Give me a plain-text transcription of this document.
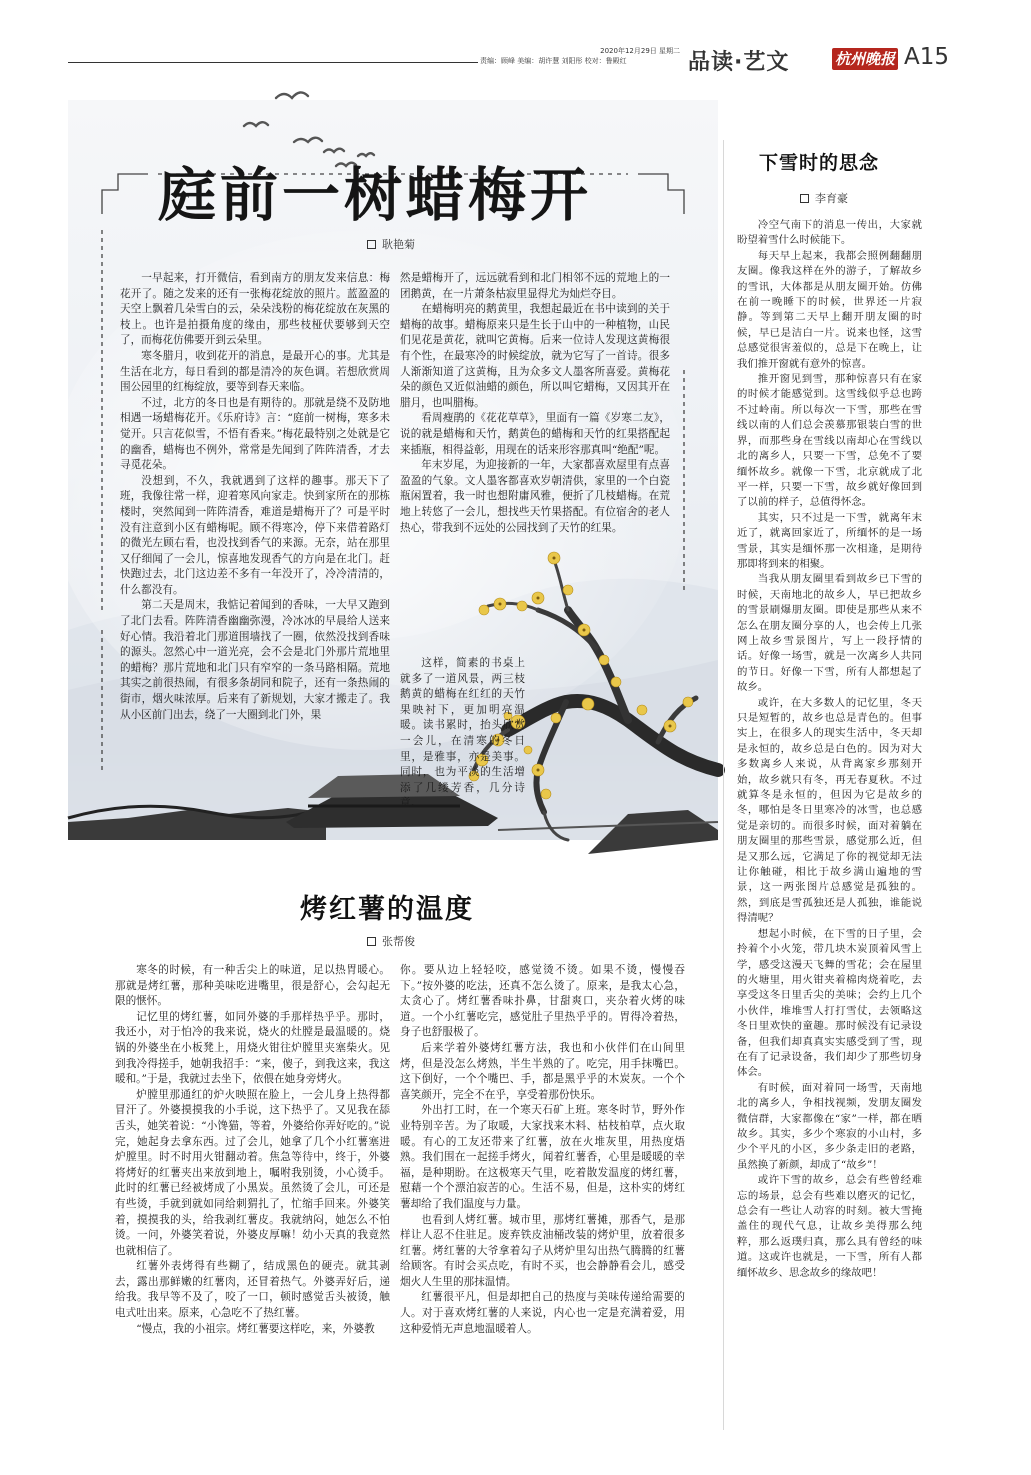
2020年12月29日 星期二
责编：顾峰 美编：胡许慧 刘阳彤 校对：鲁殿红	品读·艺文	杭州晚报 A15
庭前一树蜡梅开
耿艳菊

一早起来，打开微信，看到南方的朋友发来信息：梅花开了。随之发来的还有一张梅花绽放的照片。蓝盈盈的天空上飘着几朵雪白的云，朵朵浅粉的梅花绽放在灰黑的枝上。也许是拍摄角度的缘由，那些枝桠伏要够到天空了，而梅花仿佛要开到云朵里。

寒冬腊月，收到花开的消息，是最开心的事。尤其是生活在北方，每日看到的都是清冷的灰色调。若想欣赏周围公园里的红梅绽放，要等到春天来临。

不过，北方的冬日也是有期待的。那就是绕不及防地相遇一场蜡梅花开。《乐府诗》言：“庭前一树梅，寒多未觉开。只言花似雪，不悟有香来。”梅花最特别之处就是它的幽香，蜡梅也不例外，常常是先闻到了阵阵清香，才去寻觅花朵。

没想到，不久，我就遇到了这样的趣事。那天下了班，我像往常一样，迎着寒风向家走。快到家所在的那栋楼时，突然闻到一阵阵清香，难道是蜡梅开了？可是平时没有注意到小区有蜡梅呢。顾不得寒冷，停下来借着路灯的微光左顾右看，也没找到香气的来源。无奈，站在那里又仔细闻了一会儿，惊喜地发现香气的方向是在北门。赶快跑过去，北门这边差不多有一年没开了，冷冷清清的，什么都没有。

第二天是周末，我惦记着闻到的香味，一大早又跑到了北门去看。阵阵清香幽幽弥漫，冷冰冰的早晨给人送来好心情。我沿着北门那道围墙找了一圈，依然没找到香味的源头。忽然心中一道光亮，会不会是北门外那片荒地里的蜡梅？那片荒地和北门只有窄窄的一条马路相隔。荒地其实之前很热闹，有很多条胡同和院子，还有一条热闹的街市，烟火味浓厚。后来有了新规划，大家才搬走了。我从小区前门出去，绕了一大圈到北门外，果

然是蜡梅开了，远远就看到和北门相邻不远的荒地上的一团鹅黄，在一片萧条枯寂里显得尤为灿烂夺目。

在蜡梅明亮的鹅黄里，我想起最近在书中读到的关于蜡梅的故事。蜡梅原来只是生长于山中的一种植物，山民们见花是黄花，就叫它黄梅。后来一位诗人发现这黄梅很有个性，在最寒冷的时候绽放，就为它写了一首诗。很多人渐渐知道了这黄梅，且为众多文人墨客所喜爱。黄梅花朵的颜色又近似油蜡的颜色，所以叫它蜡梅，又因其开在腊月，也叫腊梅。

看周瘦鹃的《花花草草》，里面有一篇《岁寒二友》，说的就是蜡梅和天竹，鹅黄色的蜡梅和天竹的红果搭配起来插瓶，相得益彰，用现在的话来形容那真叫“绝配”呢。

年末岁尾，为迎接新的一年，大家都喜欢屋里有点喜盈盈的气象。文人墨客都喜欢岁朝清供，家里的一个白瓷瓶闲置着，我一时也想附庸风雅，便折了几枝蜡梅。在荒地上转悠了一会儿，想找些天竹果搭配。有位宿舍的老人热心，带我到不远处的公园找到了天竹的红果。

这样，简素的书桌上就多了一道风景，两三枝鹅黄的蜡梅在红红的天竹果映衬下，更加明亮温暖。读书累时，抬头欣赏一会儿，在清寒的冬日里，是雅事，亦是美事。同时，也为平淡的生活增添了几缕芳香，几分诗意。

烤红薯的温度
张帮俊

寒冬的时候，有一种舌尖上的味道，足以热胃暖心。那就是烤红薯，那种美味吃进嘴里，很是舒心，会勾起无限的惬怀。

记忆里的烤红薯，如同外婆的手那样热乎乎。那时，我还小，对于怕冷的我来说，烧火的灶膛是最温暖的。烧锅的外婆坐在小板凳上，用烧火钳往炉膛里夹塞柴火。见到我冷得搓手，她朝我招手：“来，傻子，到我这来，我这暖和。”于是，我就过去坐下，依偎在她身旁烤火。

炉膛里那通红的炉火映照在脸上，一会儿身上热得都冒汗了。外婆摸摸我的小手说，这下热乎了。又见我在舔舌头，她笑着说：“小馋猫，等着，外婆给你弄好吃的。”说完，她起身去拿东西。过了会儿，她拿了几个小红薯塞进炉膛里。时不时用火钳翻动着。焦急等待中，终于，外婆将烤好的红薯夹出来放到地上，嘱咐我别烫，小心烫手。此时的红薯已经被烤成了小黑炭。虽然烫了会儿，可还是有些烫，手就到就如同给刺猬扎了，忙缩手回来。外婆笑着，摸摸我的头，给我剥红薯皮。我就纳闷，她怎么不怕烫。一问，外婆笑着说，外婆皮厚嘛！幼小天真的我竟然也就相信了。

红薯外表烤得有些糊了，结成黑色的硬壳。就其剥去，露出那鲜嫩的红薯肉，还冒着热气。外婆弄好后，递给我。我早等不及了，咬了一口，顿时感觉舌头被烫，触电式吐出来。原来，心急吃不了热红薯。

“慢点，我的小祖宗。烤红薯要这样吃，来，外婆教

你。要从边上轻轻咬，感觉烫不烫。如果不烫，慢慢吞下。”按外婆的吃法，还真不怎么烫了。原来，是我太心急，太贪心了。烤红薯香味扑鼻，甘甜爽口，夹杂着火烤的味道。一个小红薯吃完，感觉肚子里热乎乎的。胃得冷着热，身子也舒服极了。

后来学着外婆烤红薯方法，我也和小伙伴们在山间里烤，但是没怎么烤熟，半生半熟的了。吃完，用手抹嘴巴。这下倒好，一个个嘴巴、手，都是黑乎乎的木炭灰。一个个喜笑颜开，完全不在乎，享受着那份快乐。

外出打工时，在一个寒天石矿上班。寒冬时节，野外作业特别辛苦。为了取暖，大家找来木料、枯枝柏草，点火取暖。有心的工友还带来了红薯，放在火堆灰里，用热度焐熟。我们围在一起搓手烤火，闻着红薯香，心里是暖暖的幸福，是种期盼。在这极寒天气里，吃着散发温度的烤红薯，慰藉一个个漂泊寂苦的心。生活不易，但是，这朴实的烤红薯却给了我们温度与力量。

也看到人烤红薯。城市里，那烤红薯摊，那香气，是那样让人忍不住驻足。废弃铁皮油桶改装的烤炉里，放着很多红薯。烤红薯的大爷拿着勾子从烤炉里勾出热气腾腾的红薯给顾客。有时会买点吃，有时不买，也会静静看会儿，感受烟火人生里的那抹温情。

红薯很平凡，但是却把自己的热度与美味传递给需要的人。对于喜欢烤红薯的人来说，内心也一定是充满着爱，用这种爱悄无声息地温暖着人。

下雪时的思念
李育豪

冷空气南下的消息一传出，大家就盼望着雪什么时候能下。

每天早上起来，我都会照例翻翻朋友圈。像我这样在外的游子，了解故乡的雪讯，大体都是从朋友圈开始。仿佛在前一晚睡下的时候，世界还一片寂静。等到第二天早上翻开朋友圈的时候，早已是洁白一片。说来也怪，这雪总感觉很害羞似的，总是下在晚上，让我们推开窗就有意外的惊喜。

推开窗见到雪，那种惊喜只有在家的时候才能感觉到。这雪线似乎总也跨不过岭南。所以每次一下雪，那些在雪线以南的人们总会羡慕那银装白雪的世界，而那些身在雪线以南却心在雪线以北的离乡人，只要一下雪，总免不了要缅怀故乡。就像一下雪，北京就成了北平一样，只要一下雪，故乡就好像回到了以前的样子，总值得怀念。

其实，只不过是一下雪，就离年末近了，就离回家近了，所缅怀的是一场雪景，其实是缅怀那一次相逢，是期待那即将到来的相聚。

当我从朋友圈里看到故乡已下雪的时候，天南地北的故乡人，早已把故乡的雪景刷爆朋友圈。即使是那些从来不怎么在朋友圈分享的人，也会传上几张网上故乡雪景图片，写上一段抒情的话。好像一场雪，就是一次离乡人共同的节日。好像一下雪，所有人都想起了故乡。

或许，在大多数人的记忆里，冬天只是短暂的，故乡也总是青色的。但事实上，在很多人的现实生活中，冬天却是永恒的，故乡总是白色的。因为对大多数离乡人来说，从背离家乡那刻开始，故乡就只有冬，再无春夏秋。不过就算冬是永恒的，但因为它是故乡的冬，哪怕是冬日里寒冷的冰雪，也总感觉是亲切的。而很多时候，面对着躺在朋友圈里的那些雪景，感觉那么近，但是又那么远，它满足了你的视觉却无法让你触碰，相比于故乡满山遍地的雪景，这一两张图片总感觉是孤独的。然，到底是雪孤独还是人孤独，谁能说得清呢？

想起小时候，在下雪的日子里，会拎着个小火笼，带几块木炭顶着风雪上学，感受这漫天飞舞的雪花；会在屋里的火塘里，用火钳夹着棉肉烧着吃，去享受这冬日里舌尖的美味；会约上几个小伙伴，堆堆雪人打打雪仗，去领略这冬日里欢快的童趣。那时候没有记录设备，但我们却真真实实感受到了雪，现在有了记录设备，我们却少了那些切身体会。

有时候，面对着同一场雪，天南地北的离乡人，争相找视频，发朋友圈发微信群，大家都像在“家”一样，都在晒故乡。其实，多少个寒寂的小山村，多少个平凡的小区，多少条走旧的老路，虽然换了新颜，却成了“故乡”！

或许下雪的故乡，总会有些曾经难忘的场景，总会有些难以磨灭的记忆，总会有一些让人动容的时刻。被大雪掩盖住的现代气息，让故乡美得那么纯粹，那么返璞归真，那么具有曾经的味道。这或许也就是，一下雪，所有人都缅怀故乡、思念故乡的缘故吧！
